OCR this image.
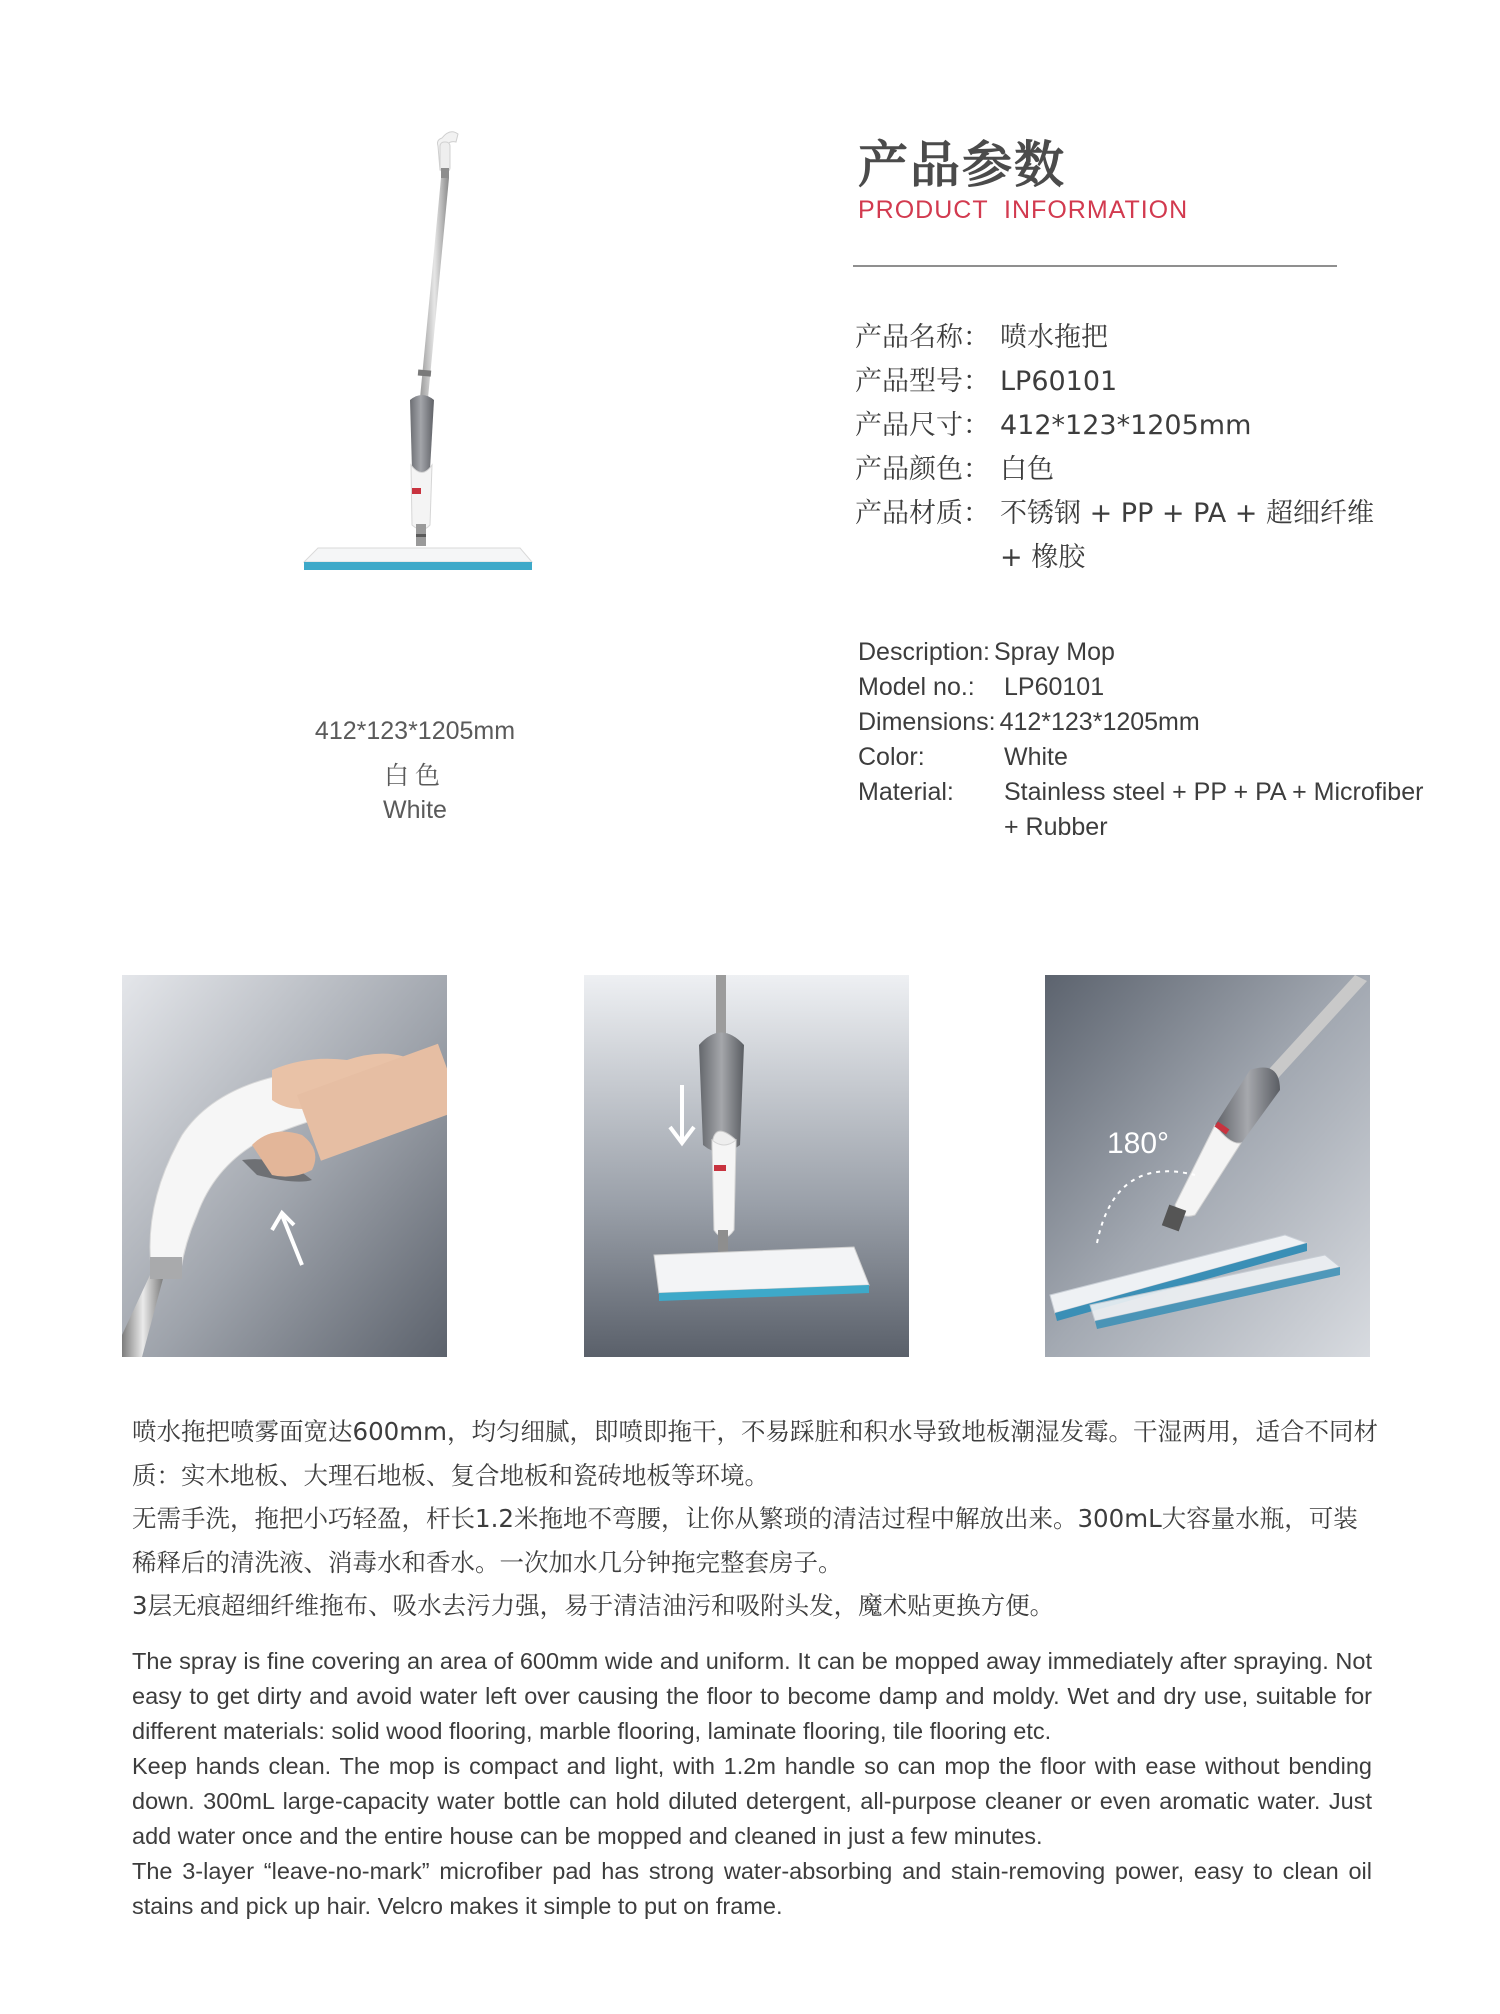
412*123*1205mm
白色
White
产品参数
PRODUCT  INFORMATION
产品名称： 喷水拖把
产品型号： LP60101
产品尺寸： 412*123*1205mm
产品颜色： 白色
产品材质： 不锈钢 + PP + PA + 超细纤维
+ 橡胶
Description: Spray Mop
Model no.:	LP60101
Dimensions: 412*123*1205mm
Color:	White
Material:	Stainless steel + PP + PA + Microfiber
+ Rubber
180°

喷水拖把喷雾面宽达600mm，均匀细腻，即喷即拖干，不易踩脏和积水导致地板潮湿发霉。干湿两用，适合不同材质：实木地板、大理石地板、复合地板和瓷砖地板等环境。

无需手洗，拖把小巧轻盈，杆长1.2米拖地不弯腰，让你从繁琐的清洁过程中解放出来。300mL大容量水瓶，可装稀释后的清洗液、消毒水和香水。一次加水几分钟拖完整套房子。

3层无痕超细纤维拖布、吸水去污力强，易于清洁油污和吸附头发，魔术贴更换方便。

The spray is fine covering an area of 600mm wide and uniform. It can be mopped away immediately after spraying. Not easy to get dirty and avoid water left over causing the floor to become damp and moldy. Wet and dry use, suitable for different materials: solid wood flooring, marble flooring, laminate flooring, tile flooring etc.

Keep hands clean. The mop is compact and light, with 1.2m handle so can mop the floor with ease without bending down. 300mL large-capacity water bottle can hold diluted detergent, all-purpose cleaner or even aromatic water. Just add water once and the entire house can be mopped and cleaned in just a few minutes.

The 3-layer “leave-no-mark” microfiber pad has strong water-absorbing and stain-removing power, easy to clean oil stains and pick up hair. Velcro makes it simple to put on frame.
